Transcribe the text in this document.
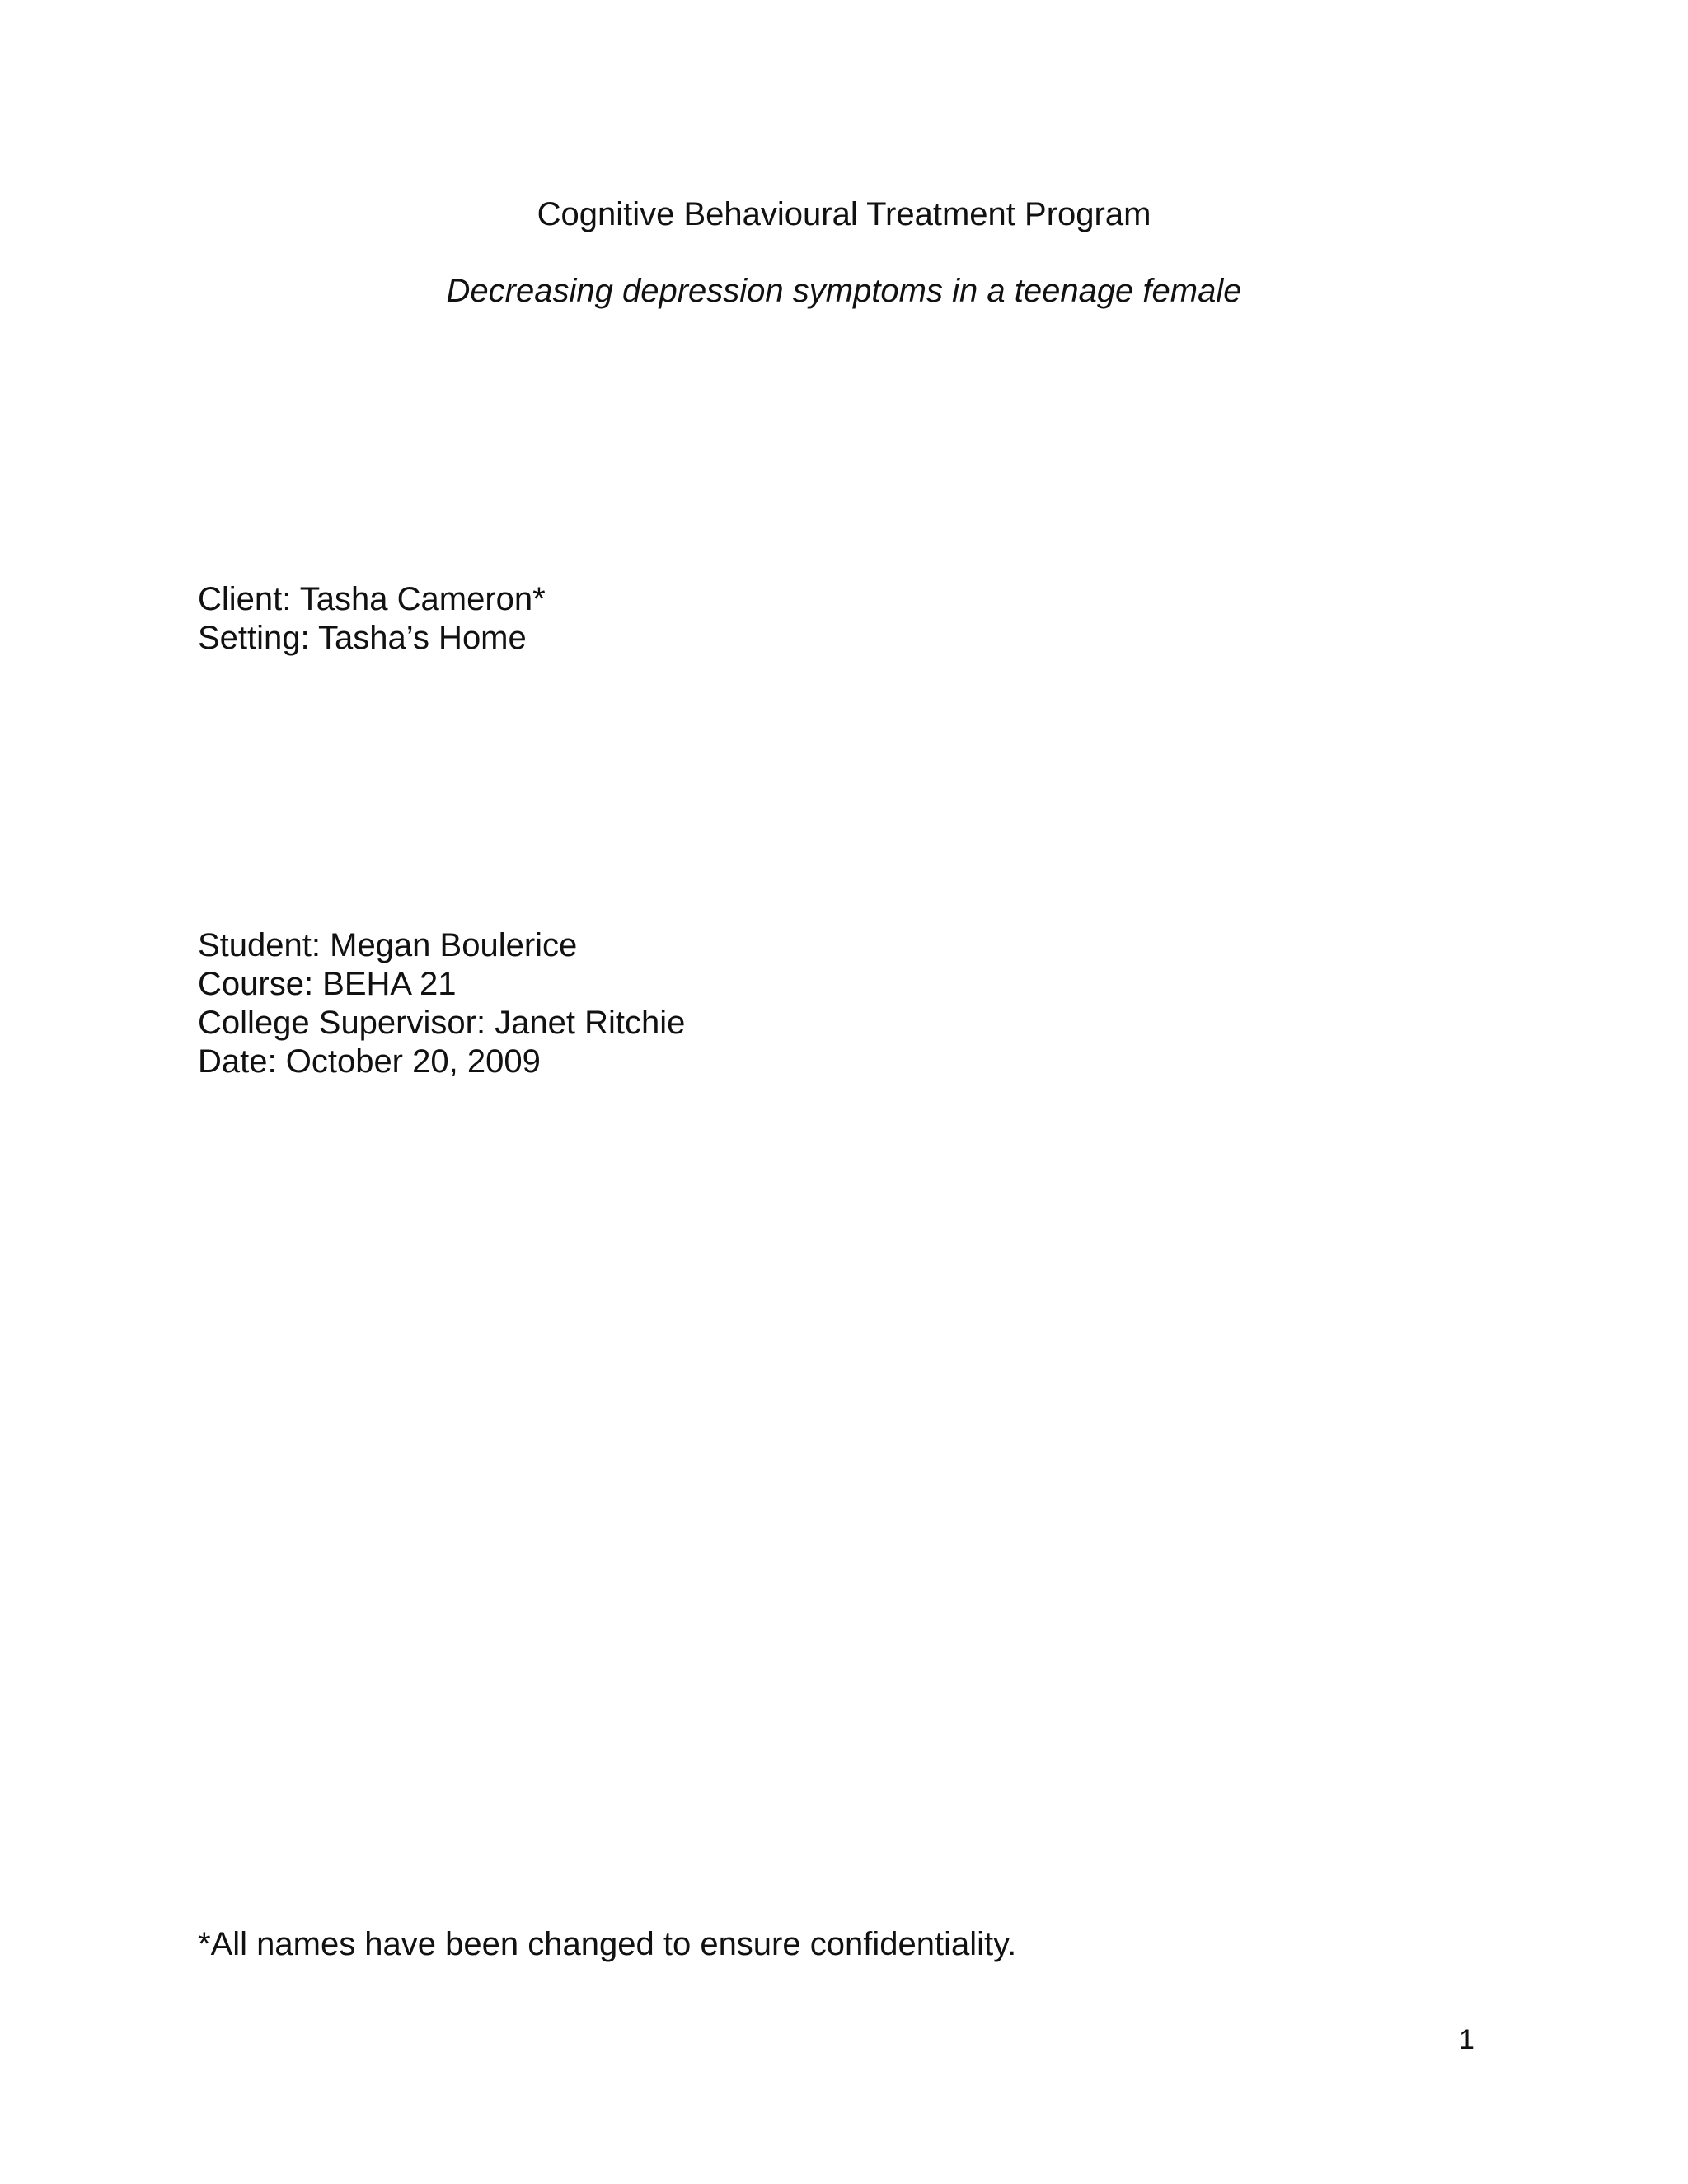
Cognitive Behavioural Treatment Program
Decreasing depression symptoms in a teenage female
Client: Tasha Cameron*
Setting: Tasha’s Home
Student: Megan Boulerice
Course: BEHA 21
College Supervisor: Janet Ritchie
Date: October 20, 2009
*All names have been changed to ensure confidentiality.
1
